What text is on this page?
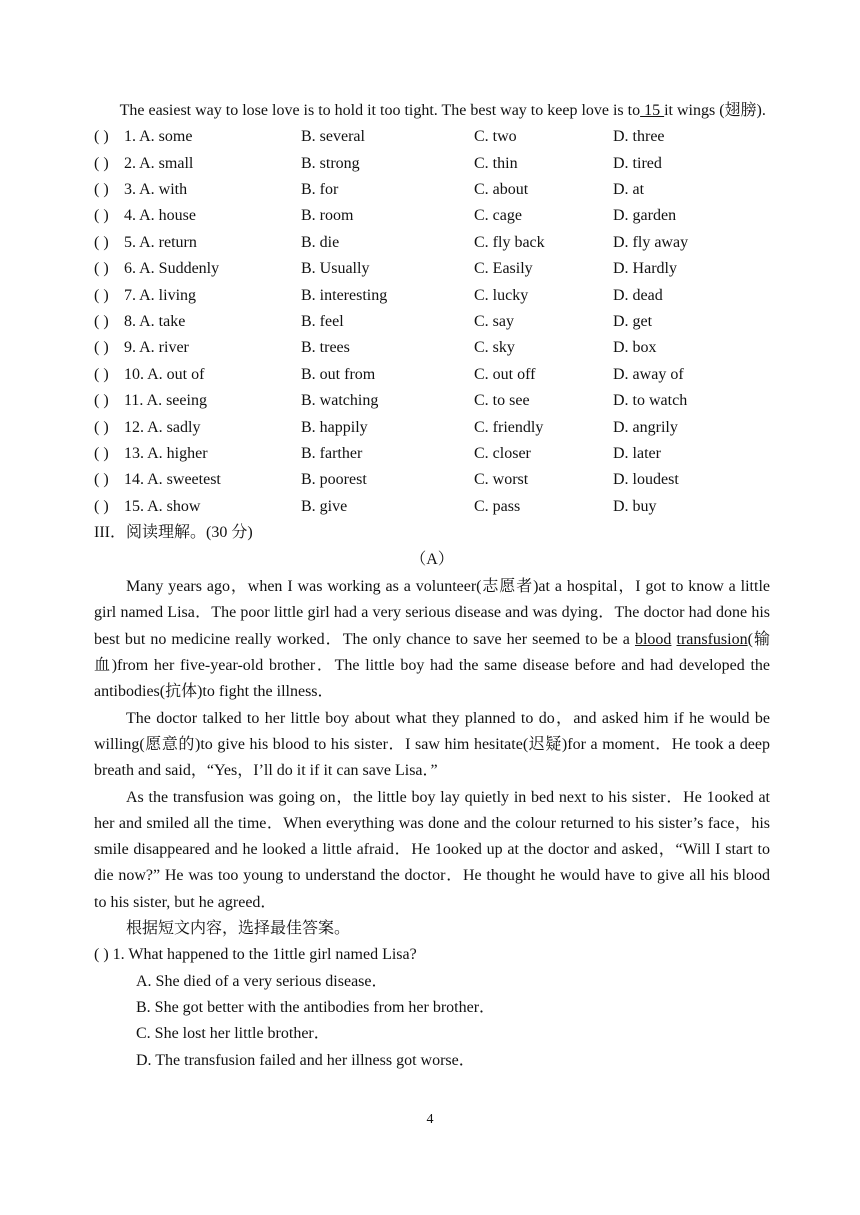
The easiest way to lose love is to hold it too tight. The best way to keep love is to 15 it wings (翅膀).

( ) 1. A. some	B. several	C. two	D. three
( ) 2. A. small	B. strong	C. thin	D. tired
( ) 3. A. with	B. for	C. about	D. at
( ) 4. A. house	B. room	C. cage	D. garden
( ) 5. A. return	B. die	C. fly back	D. fly away
( ) 6. A. Suddenly	B. Usually	C. Easily	D. Hardly
( ) 7. A. living	B. interesting	C. lucky	D. dead
( ) 8. A. take	B. feel	C. say	D. get
( ) 9. A. river	B. trees	C. sky	D. box
( ) 10. A. out of	B. out from	C. out off	D. away of
( ) 11. A. seeing	B. watching	C. to see	D. to watch
( ) 12. A. sadly	B. happily	C. friendly	D. angrily
( ) 13. A. higher	B. farther	C. closer	D. later
( ) 14. A. sweetest	B. poorest	C. worst	D. loudest
( ) 15. A. show	B. give	C. pass	D. buy

III．阅读理解。(30 分)

（A）

Many years ago，when I was working as a volunteer(志愿者)at a hospital，I got to know a little girl named Lisa．The poor little girl had a very serious disease and was dying．The doctor had done his best but no medicine really worked．The only chance to save her seemed to be a blood transfusion(输血)from her five-year-old brother．The little boy had the same disease before and had developed the antibodies(抗体)to fight the illness．

The doctor talked to her little boy about what they planned to do，and asked him if he would be willing(愿意的)to give his blood to his sister．I saw him hesitate(迟疑)for a moment．He took a deep breath and said，“Yes，I’ll do it if it can save Lisa．”

As the transfusion was going on，the little boy lay quietly in bed next to his sister．He 1ooked at her and smiled all the time．When everything was done and the colour returned to his sister’s face，his smile disappeared and he looked a little afraid．He 1ooked up at the doctor and asked，“Will I start to die now?” He was too young to understand the doctor．He thought he would have to give all his blood to his sister, but he agreed．

根据短文内容，选择最佳答案。

( ) 1. What happened to the 1ittle girl named Lisa?

A. She died of a very serious disease．

B. She got better with the antibodies from her brother．

C. She lost her little brother．

D. The transfusion failed and her illness got worse．

4
